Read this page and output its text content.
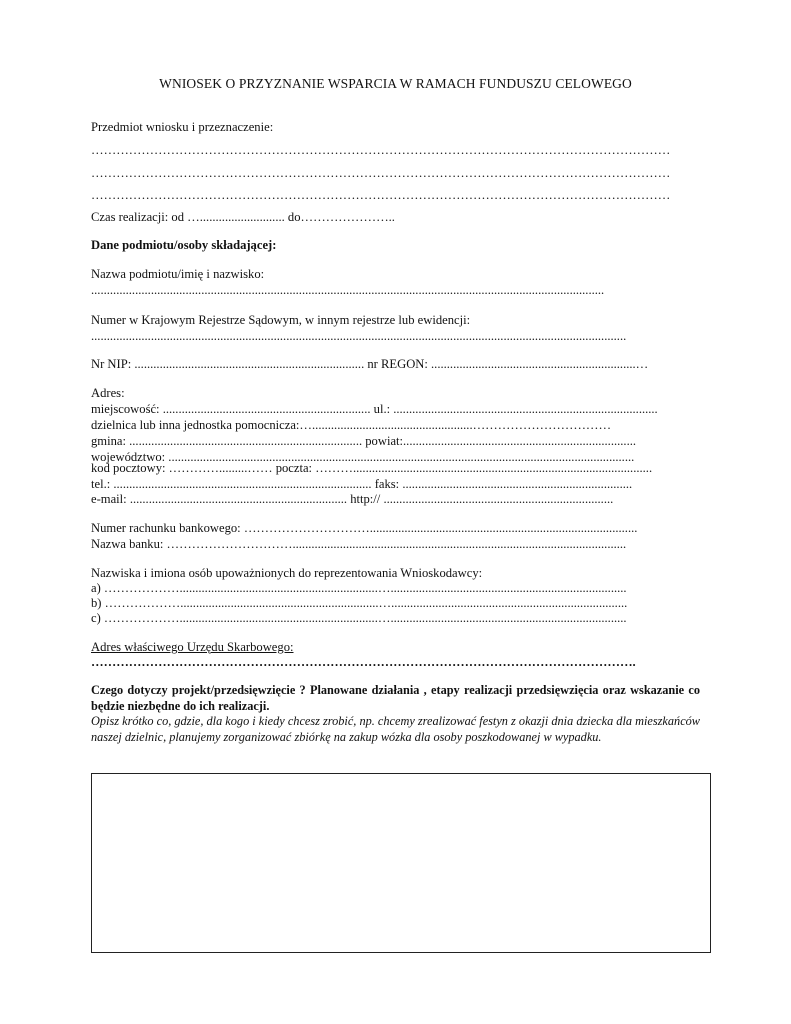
WNIOSEK O PRZYZNANIE WSPARCIA W RAMACH FUNDUSZU CELOWEGO
Przedmiot wniosku i przeznaczenie:
…………………………………………………………………………………………………………………………
…………………………………………………………………………………………………………………………
…………………………………………………………………………………………………………………………
Czas realizacji: od …........................... do…………………..
Dane podmiotu/osoby składającej:
Nazwa podmiotu/imię i nazwisko:
...................................................................................................................................................................
Numer w Krajowym Rejestrze Sądowym, w innym rejestrze lub ewidencji:
..........................................................................................................................................................................
Nr NIP: ......................................................................... nr REGON: .................................................................…
Adres:
miejscowość: .................................................................. ul.: ....................................................................................
dzielnica lub inna jednostka pomocnicza:…...................................................……………………………
gmina: .......................................................................... powiat:..........................................................................
województwo: ....................................................................................................................................................
kod pocztowy: ………….........…… poczta: ………...............................................................................................
tel.: .................................................................................. faks: .........................................................................
e-mail: ..................................................................... http:// .........................................................................
Numer rachunku bankowego: ………………………….....................................................................................
Nazwa banku: …………………………..........................................................................................................
Nazwiska i imiona osób upoważnionych do reprezentowania Wnioskodawcy:
a) ………………...............................................................…...........................................................................
b) ………………...............................................................…...........................................................................
c) ………………...............................................................…...........................................................................
Adres właściwego Urzędu Skarbowego:
………………………………………………………………………………………………………………….
Czego dotyczy projekt/przedsięwzięcie ? Planowane działania , etapy realizacji przedsięwzięcia oraz wskazanie co będzie niezbędne do ich realizacji.
Opisz krótko co, gdzie, dla kogo i kiedy chcesz zrobić, np. chcemy zrealizować festyn z okazji dnia dziecka dla mieszkańców naszej dzielnic, planujemy zorganizować zbiórkę na zakup wózka dla osoby poszkodowanej w wypadku.
